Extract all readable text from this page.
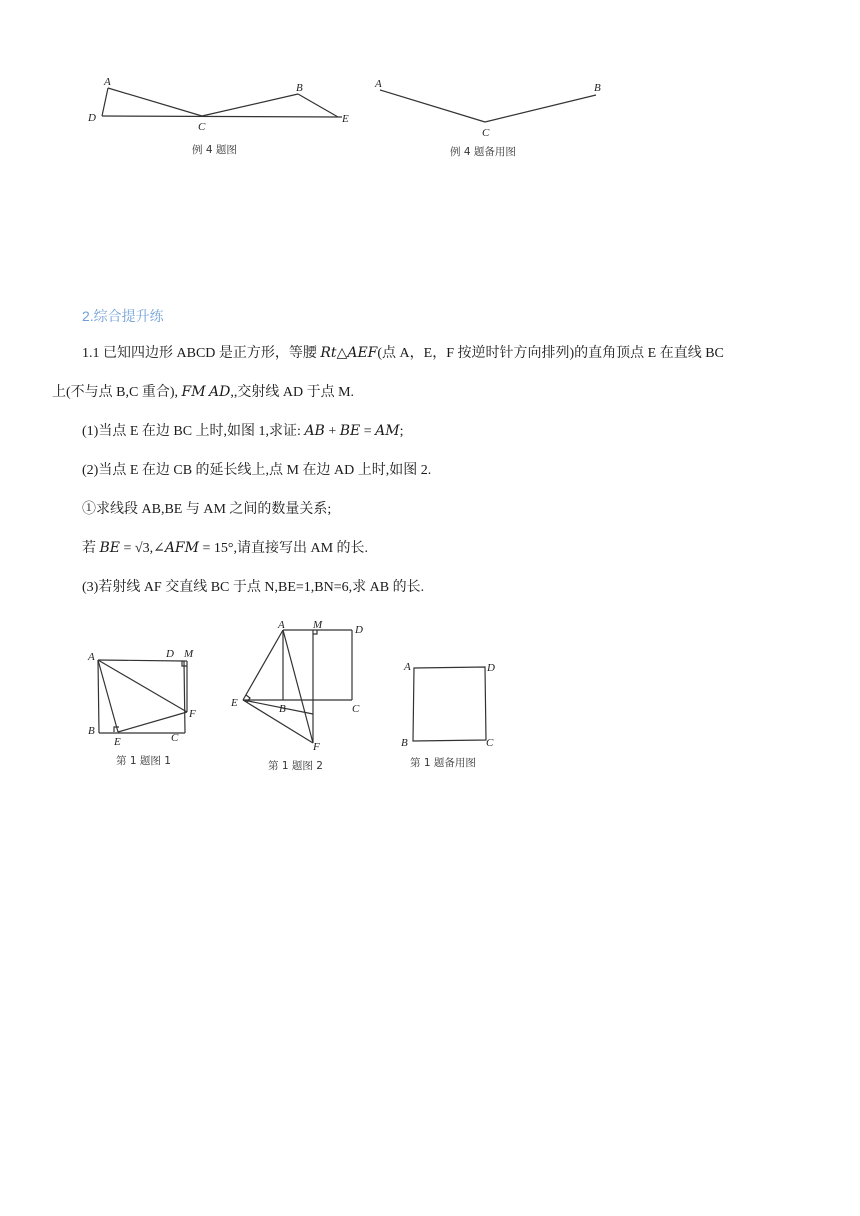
A
D
C
B
E
例 4 题图
A	B
C
例 4 题备用图
2.综合提升练
1.1 已知四边形 ABCD 是正方形，等腰 𝑅𝑡△𝐴𝐸𝐹(点 A，E，F 按逆时针方向排列)的直角顶点 E 在直线 BC
上(不与点 B,C 重合), 𝐹𝑀 𝐴𝐷,,交射线 AD 于点 M.
(1)当点 E 在边 BC 上时,如图 1,求证: 𝐴𝐵 + 𝐵𝐸 = 𝐴𝑀;
(2)当点 E 在边 CB 的延长线上,点 M 在边 AD 上时,如图 2.
①求线段 AB,BE 与 AM 之间的数量关系;
若 𝐵𝐸 = √3,∠𝐴𝐹𝑀 = 15°,请直接写出 AM 的长.
(3)若射线 AF 交直线 BC 于点 N,BE=1,BN=6,求 AB 的长.
A	D M
B
E
F
C
第 1 题图 1
A	M	D
E	B	C
F
第 1 题图 2
A	D
B	C
第 1 题备用图
